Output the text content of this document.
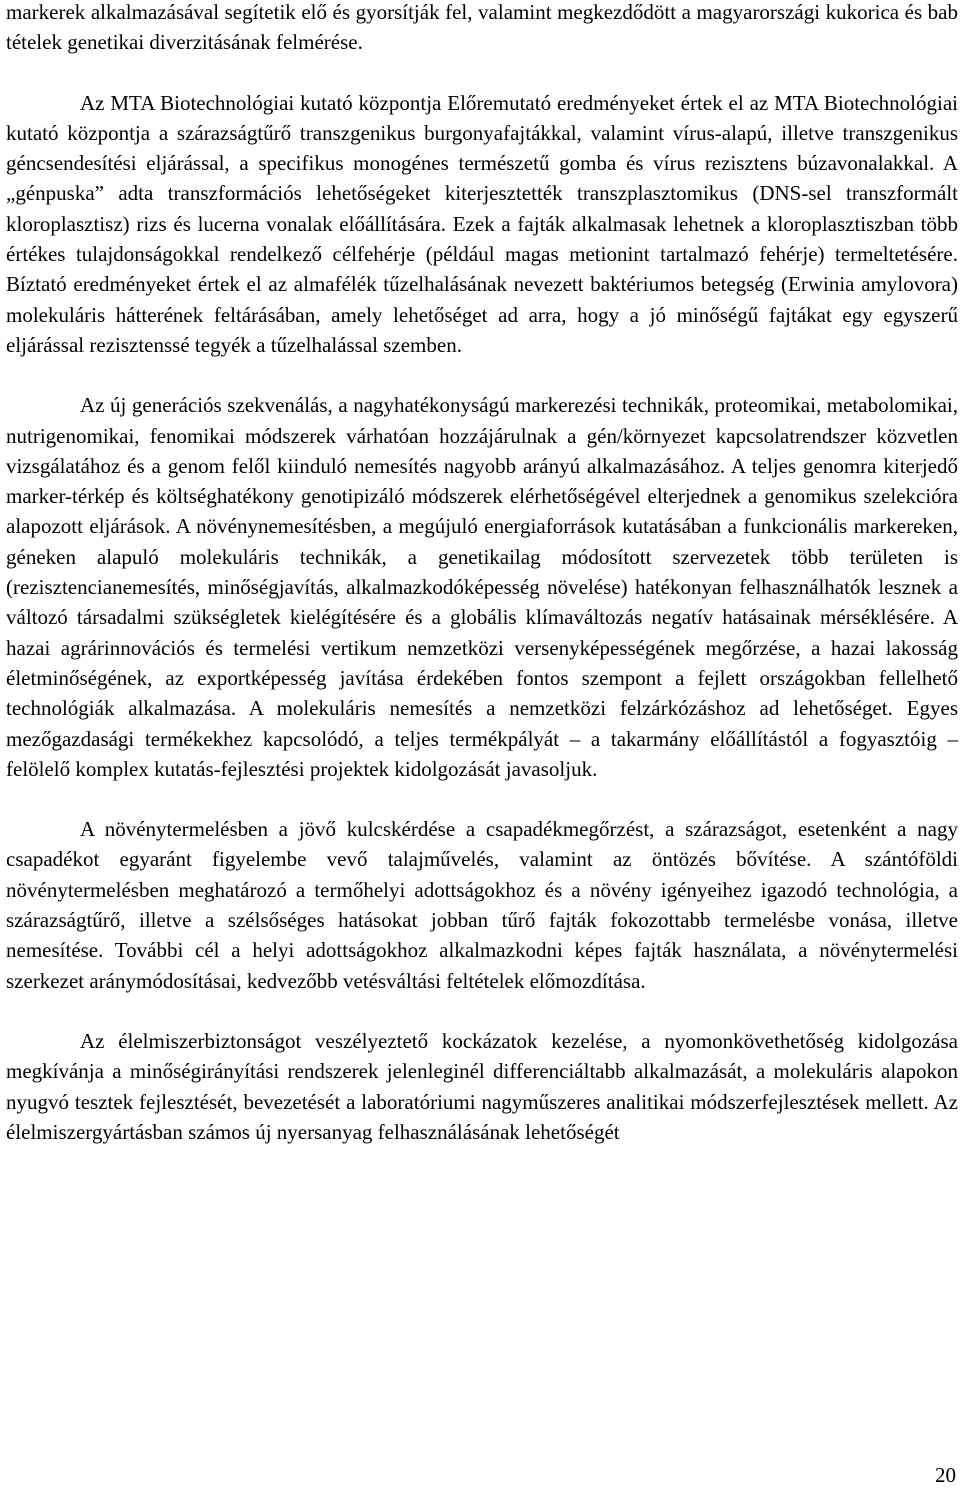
markerek alkalmazásával segítetik elő és gyorsítják fel, valamint megkezdődött a magyarországi kukorica és bab tételek genetikai diverzitásának felmérése.

Az MTA Biotechnológiai kutató központja Előremutató eredményeket értek el az MTA Biotechnológiai kutató központja a szárazságtűrő transzgenikus burgonyafajtákkal, valamint vírus-alapú, illetve transzgenikus géncsendesítési eljárással, a specifikus monogénes természetű gomba és vírus rezisztens búzavonalakkal. A „génpuska” adta transzformációs lehetőségeket kiterjesztették transzplasztomikus (DNS-sel transzformált kloroplasztisz) rizs és lucerna vonalak előállítására. Ezek a fajták alkalmasak lehetnek a kloroplasztiszban több értékes tulajdonságokkal rendelkező célfehérje (például magas metionint tartalmazó fehérje) termeltetésére. Bíztató eredményeket értek el az almafélék tűzelhalásának nevezett baktériumos betegség (Erwinia amylovora) molekuláris hátterének feltárásában, amely lehetőséget ad arra, hogy a jó minőségű fajtákat egy egyszerű eljárással rezisztenssé tegyék a tűzelhalással szemben.

Az új generációs szekvenálás, a nagyhatékonyságú markerezési technikák, proteomikai, metabolomikai, nutrigenomikai, fenomikai módszerek várhatóan hozzájárulnak a gén/környezet kapcsolatrendszer közvetlen vizsgálatához és a genom felől kiinduló nemesítés nagyobb arányú alkalmazásához. A teljes genomra kiterjedő marker-térkép és költséghatékony genotipizáló módszerek elérhetőségével elterjednek a genomikus szelekcióra alapozott eljárások. A növénynemesítésben, a megújuló energiaforrások kutatásában a funkcionális markereken, géneken alapuló molekuláris technikák, a genetikailag módosított szervezetek több területen is (rezisztencianemesítés, minőségjavítás, alkalmazkodóképesség növelése) hatékonyan felhasználhatók lesznek a változó társadalmi szükségletek kielégítésére és a globális klímaváltozás negatív hatásainak mérséklésére. A hazai agrárinnovációs és termelési vertikum nemzetközi versenyképességének megőrzése, a hazai lakosság életminőségének, az exportképesség javítása érdekében fontos szempont a fejlett országokban fellelhető technológiák alkalmazása. A molekuláris nemesítés a nemzetközi felzárkózáshoz ad lehetőséget. Egyes mezőgazdasági termékekhez kapcsolódó, a teljes termékpályát – a takarmány előállítástól a fogyasztóig – felölelő komplex kutatás-fejlesztési projektek kidolgozását javasoljuk.

A növénytermelésben a jövő kulcskérdése a csapadékmegőrzést, a szárazságot, esetenként a nagy csapadékot egyaránt figyelembe vevő talajművelés, valamint az öntözés bővítése. A szántóföldi növénytermelésben meghatározó a termőhelyi adottságokhoz és a növény igényeihez igazodó technológia, a szárazságtűrő, illetve a szélsőséges hatásokat jobban tűrő fajták fokozottabb termelésbe vonása, illetve nemesítése. További cél a helyi adottságokhoz alkalmazkodni képes fajták használata, a növénytermelési szerkezet aránymódosításai, kedvezőbb vetésváltási feltételek előmozdítása.

Az élelmiszerbiztonságot veszélyeztető kockázatok kezelése, a nyomonkövethetőség kidolgozása megkívánja a minőségirányítási rendszerek jelenleginél differenciáltabb alkalmazását, a molekuláris alapokon nyugvó tesztek fejlesztését, bevezetését a laboratóriumi nagyműszeres analitikai módszerfejlesztések mellett. Az élelmiszergyártásban számos új nyersanyag felhasználásának lehetőségét

20
